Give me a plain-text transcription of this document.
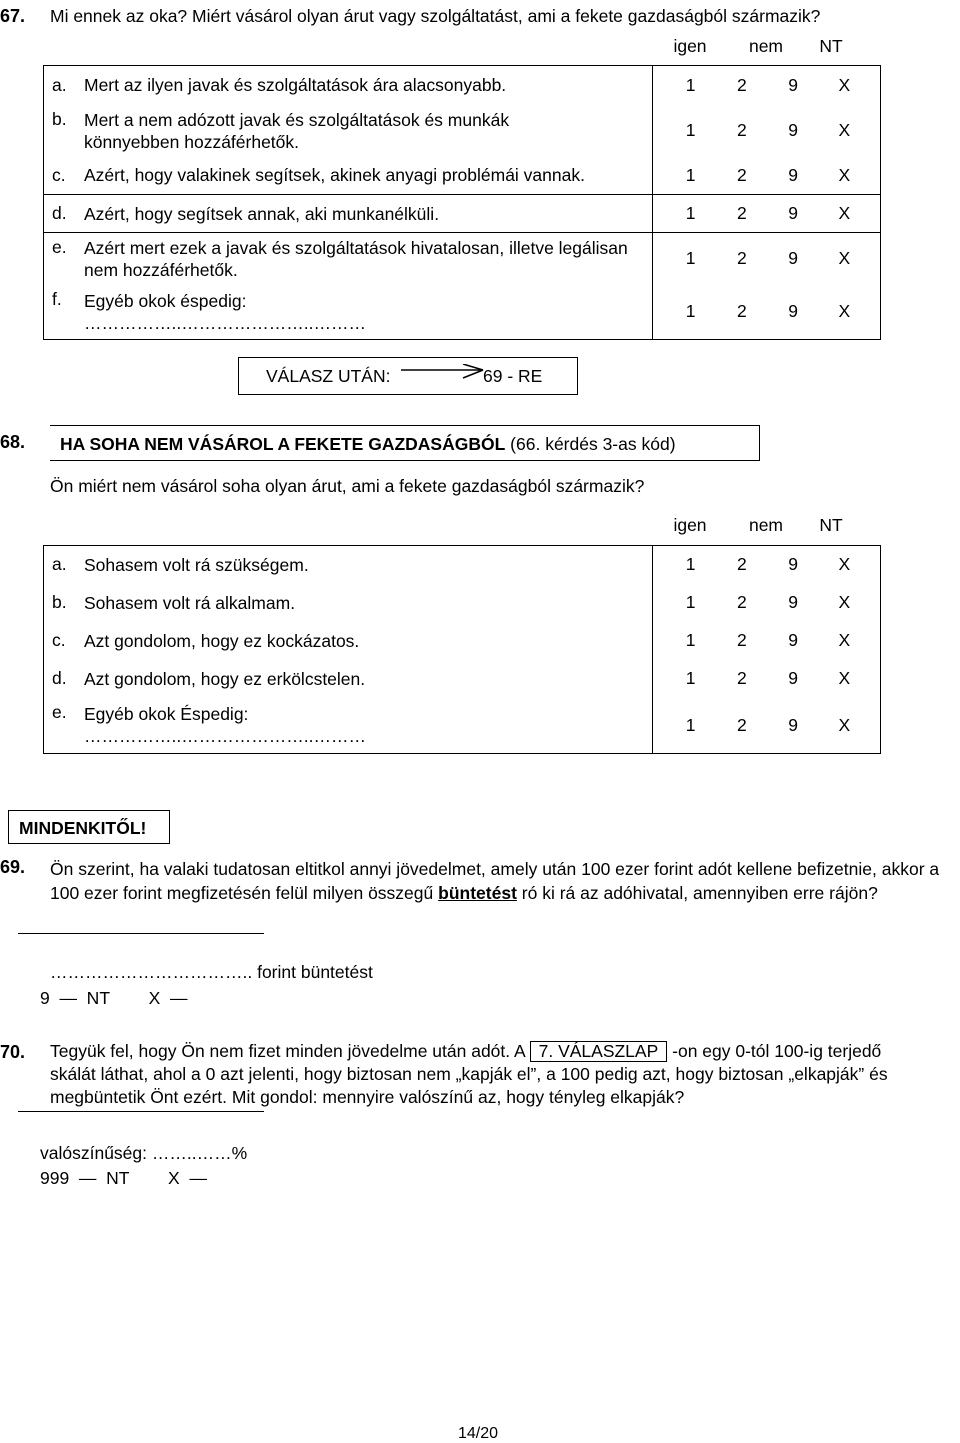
67. Mi ennek az oka? Miért vásárol olyan árut vagy szolgáltatást, ami a fekete gazdaságból származik?
igen	nem	NT
a.	Mert az ilyen javak és szolgáltatások ára alacsonyabb.	1 2 9 X

b.	Mert a nem adózott javak és szolgáltatások és munkák könnyebben hozzáférhetők.	1 2 9 X

c.	Azért, hogy valakinek segítsek, akinek anyagi problémái vannak.	1 2 9 X

d.	Azért, hogy segítsek annak, aki munkanélküli.	1 2 9 X

e.	Azért mert ezek a javak és szolgáltatások hivatalosan, illetve legálisan nem hozzáférhetők.	1 2 9 X

f.	Egyéb okok éspedig: ……………..…………………..………	1 2 9 X
VÁLASZ UTÁN:	69 - RE
68. HA SOHA NEM VÁSÁROL A FEKETE GAZDASÁGBÓL (66. kérdés 3-as kód)
Ön miért nem vásárol soha olyan árut, ami a fekete gazdaságból származik?
igen	nem	NT
a.	Sohasem volt rá szükségem.	1 2 9 X

b.	Sohasem volt rá alkalmam.	1 2 9 X

c.	Azt gondolom, hogy ez kockázatos.	1 2 9 X

d.	Azt gondolom, hogy ez erkölcstelen.	1 2 9 X

e.	Egyéb okok Éspedig: ……………..…………………..………	1 2 9 X
MINDENKITŐL!
69. Ön szerint, ha valaki tudatosan eltitkol annyi jövedelmet, amely után 100 ezer forint adót kellene befizetnie, akkor a 100 ezer forint megfizetésén felül milyen összegű büntetést ró ki rá az adóhivatal, amennyiben erre rájön?
…………………………….. forint büntetést
9  —  NT        X  —
70. Tegyük fel, hogy Ön nem fizet minden jövedelme után adót. A 7. VÁLASZLAP -on egy 0-tól 100-ig terjedő skálát láthat, ahol a 0 azt jelenti, hogy biztosan nem „kapják el”, a 100 pedig azt, hogy biztosan „elkapják” és megbüntetik Önt ezért. Mit gondol: mennyire valószínű az, hogy tényleg elkapják?
valószínűség: ……..……%
999  —  NT        X  —
14/20
